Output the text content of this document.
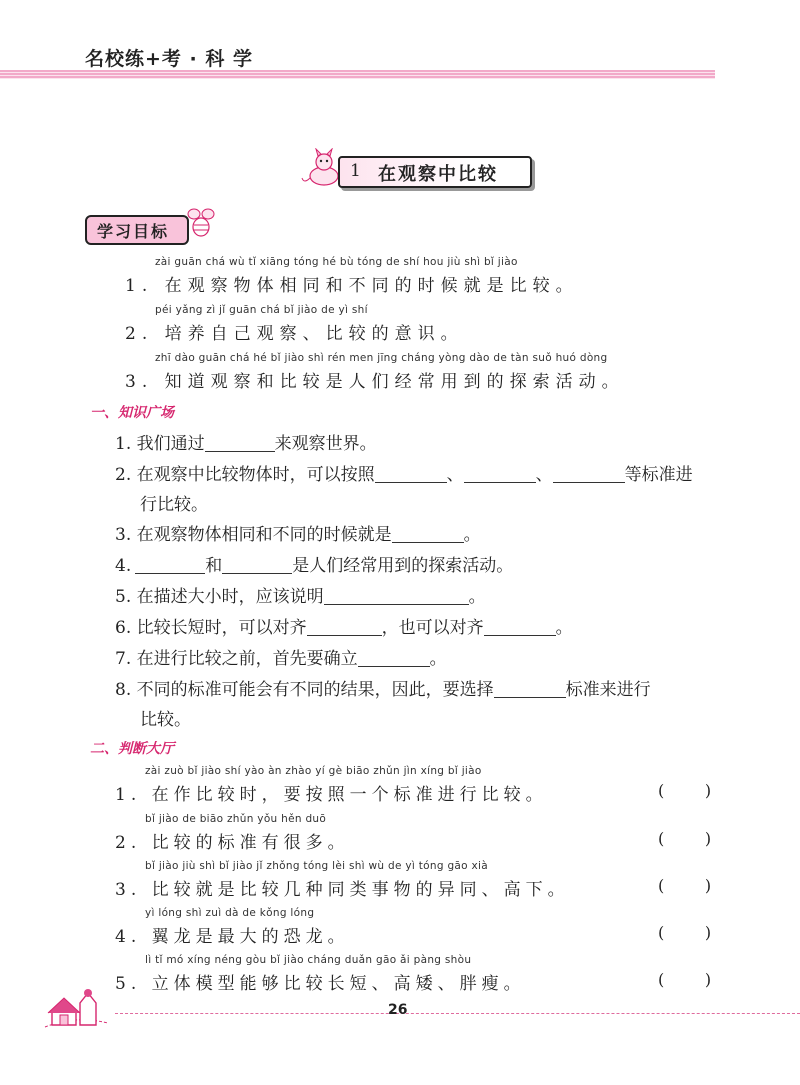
名校练+考 · 科 学
1 在观察中比较
学习目标
zài guān chá wù tǐ xiāng tóng hé bù tóng de shí hou jiù shì bǐ jiào
1. 在观察物体相同和不同的时候就是比较。
péi yǎng zì jǐ guān chá bǐ jiào de yì shí
2. 培养自己观察、比较的意识。
zhī dào guān chá hé bǐ jiào shì rén men jīng cháng yòng dào de tàn suǒ huó dòng
3. 知道观察和比较是人们经常用到的探索活动。
一、知识广场
1. 我们通过	来观察世界。
2. 在观察中比较物体时，可以按照	、	、	等标准进
行比较。
3. 在观察物体相同和不同的时候就是	。
4.	和	是人们经常用到的探索活动。
5. 在描述大小时，应该说明	。
6. 比较长短时，可以对齐	，也可以对齐	。
7. 在进行比较之前，首先要确立	。
8. 不同的标准可能会有不同的结果，因此，要选择	标准来进行
比较。
二、判断大厅
zài zuò bǐ jiào shí yào àn zhào yí gè biāo zhǔn jìn xíng bǐ jiào
1. 在作比较时，要按照一个标准进行比较。	(        )
bǐ jiào de biāo zhǔn yǒu hěn duō
2. 比较的标准有很多。	(        )
bǐ jiào jiù shì bǐ jiào jǐ zhǒng tóng lèi shì wù de yì tóng gāo xià
3. 比较就是比较几种同类事物的异同、高下。	(        )
yì lóng shì zuì dà de kǒng lóng
4. 翼龙是最大的恐龙。	(        )
lì tǐ mó xíng néng gòu bǐ jiào cháng duǎn gāo ǎi pàng shòu
5. 立体模型能够比较长短、高矮、胖瘦。	(        )
26
